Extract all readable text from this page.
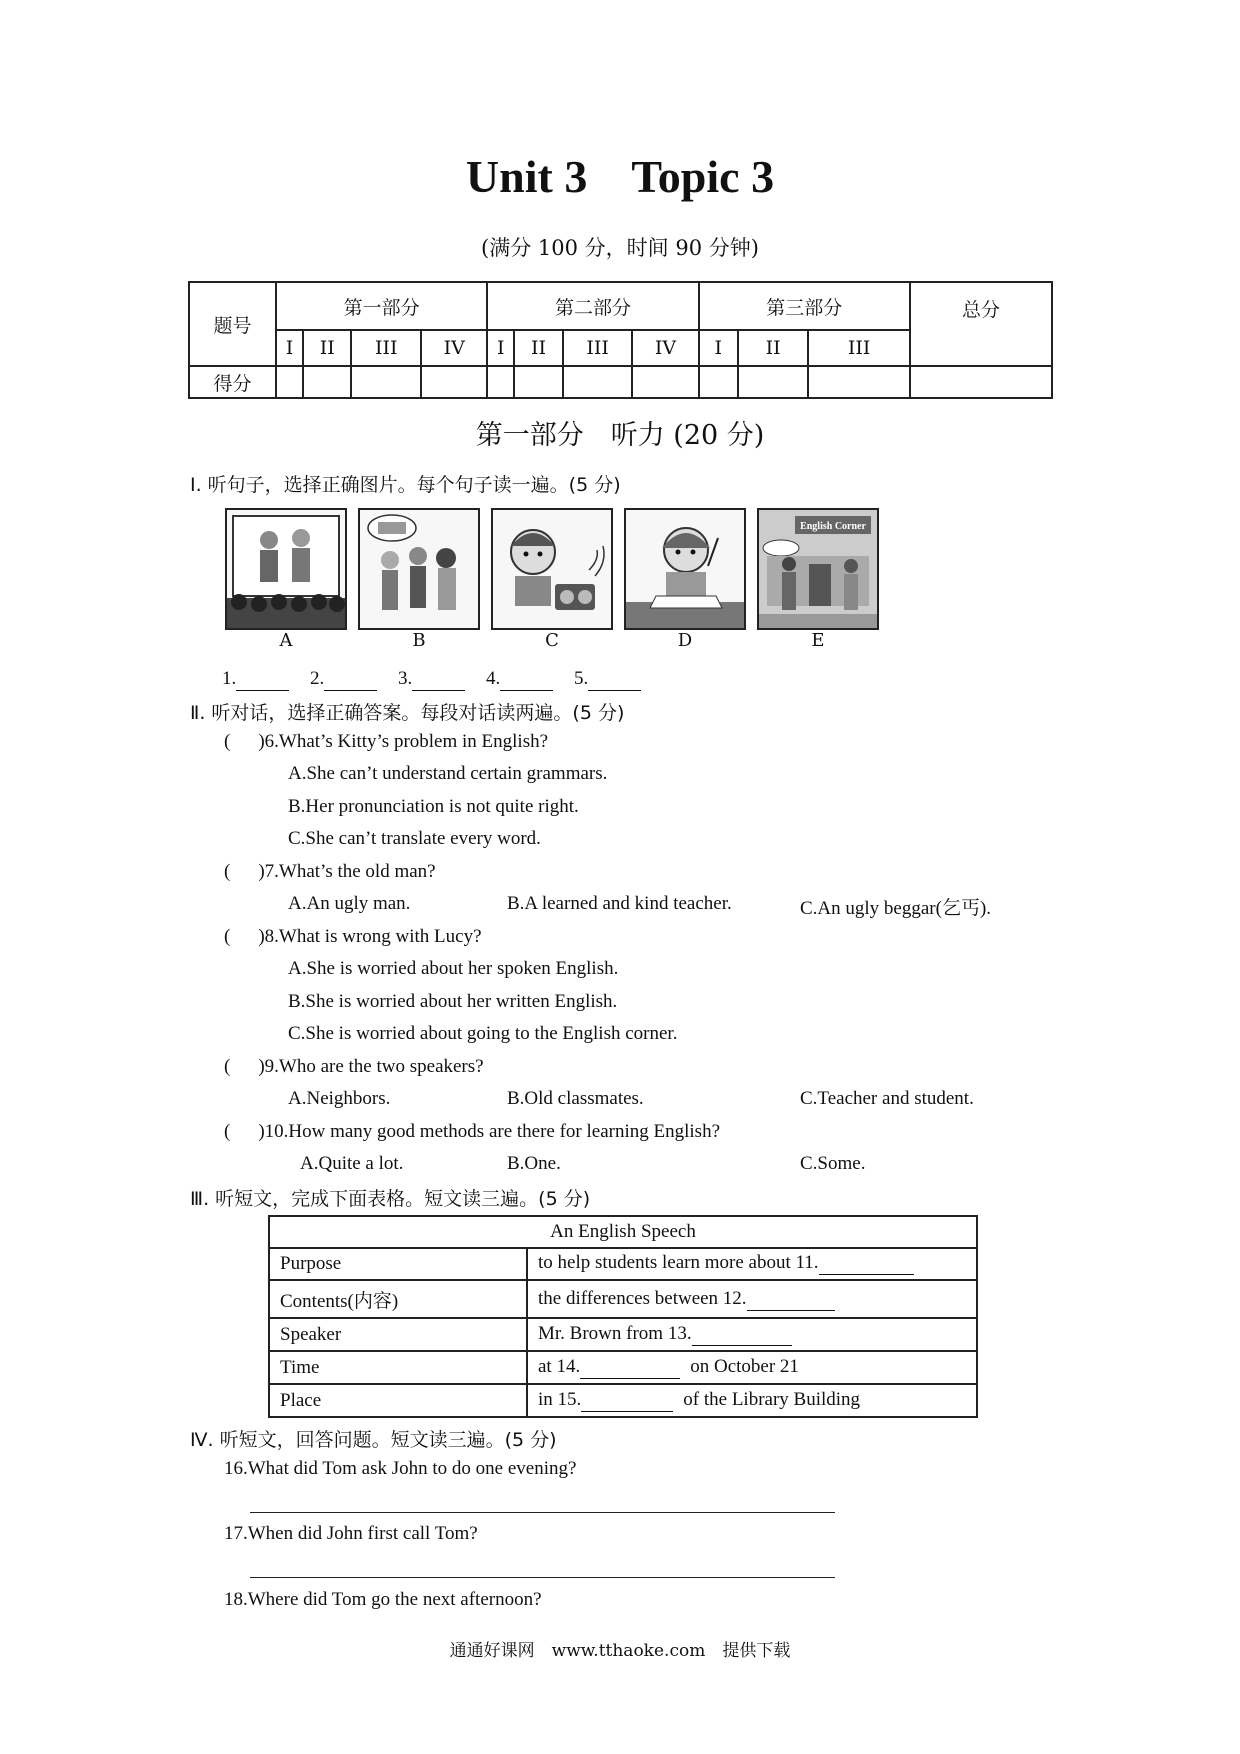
Unit 3 Topic 3
(满分 100 分，时间 90 分钟)
题号	第一部分				第二部分				第三部分			总分
	I	II	III	IV	I	II	III	IV	I	II	III	
得分												
第一部分　听力 (20 分)
Ⅰ. 听句子，选择正确图片。每个句子读一遍。(5 分)
English Corner
A	B	C	D	E
1.	2.	3.	4.	5.
Ⅱ. 听对话，选择正确答案。每段对话读两遍。(5 分)
( )6.What’s Kitty’s problem in English?
A.She can’t understand certain grammars.
B.Her pronunciation is not quite right.
C.She can’t translate every word.
( )7.What’s the old man?
A.An ugly man.	B.A learned and kind teacher.	C.An ugly beggar(乞丐).
( )8.What is wrong with Lucy?
A.She is worried about her spoken English.
B.She is worried about her written English.
C.She is worried about going to the English corner.
( )9.Who are the two speakers?
A.Neighbors.	B.Old classmates.	C.Teacher and student.
( )10.How many good methods are there for learning English?
A.Quite a lot.	B.One.	C.Some.
Ⅲ. 听短文，完成下面表格。短文读三遍。(5 分)
An English Speech	
Purpose	to help students learn more about 11.
Contents(内容)	the differences between 12.
Speaker	Mr. Brown from 13.
Time	at 14. on October 21
Place	in 15. of the Library Building
Ⅳ. 听短文，回答问题。短文读三遍。(5 分)
16.What did Tom ask John to do one evening?
17.When did John first call Tom?
18.Where did Tom go the next afternoon?
通通好课网　www.tthaoke.com　提供下载
